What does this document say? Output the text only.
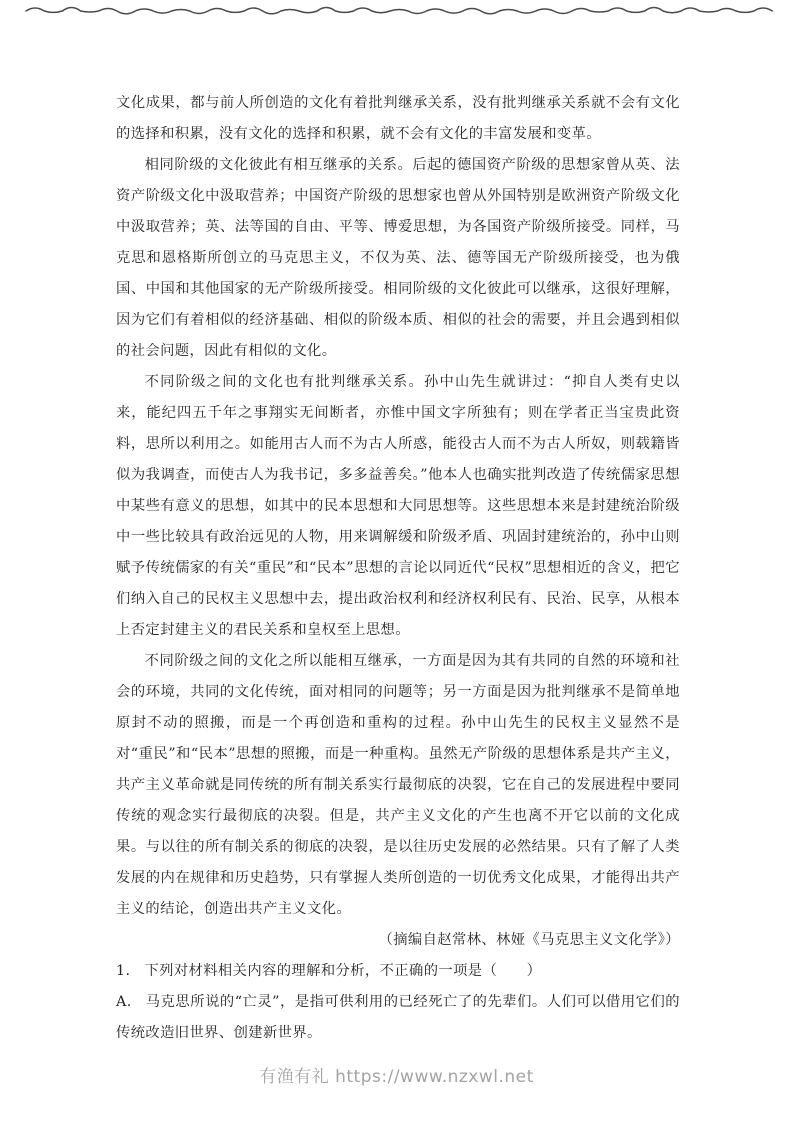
文化成果，都与前人所创造的文化有着批判继承关系，没有批判继承关系就不会有文化的选择和积累，没有文化的选择和积累，就不会有文化的丰富发展和变革。

相同阶级的文化彼此有相互继承的关系。后起的德国资产阶级的思想家曾从英、法资产阶级文化中汲取营养；中国资产阶级的思想家也曾从外国特别是欧洲资产阶级文化中汲取营养；英、法等国的自由、平等、博爱思想，为各国资产阶级所接受。同样，马克思和恩格斯所创立的马克思主义，不仅为英、法、德等国无产阶级所接受，也为俄国、中国和其他国家的无产阶级所接受。相同阶级的文化彼此可以继承，这很好理解，因为它们有着相似的经济基础、相似的阶级本质、相似的社会的需要，并且会遇到相似的社会问题，因此有相似的文化。

不同阶级之间的文化也有批判继承关系。孙中山先生就讲过：“抑自人类有史以来，能纪四五千年之事翔实无间断者，亦惟中国文字所独有；则在学者正当宝贵此资料，思所以利用之。如能用古人而不为古人所惑，能役古人而不为古人所奴，则载籍皆似为我调查，而使古人为我书记，多多益善矣。”他本人也确实批判改造了传统儒家思想中某些有意义的思想，如其中的民本思想和大同思想等。这些思想本来是封建统治阶级中一些比较具有政治远见的人物，用来调解缓和阶级矛盾、巩固封建统治的，孙中山则赋予传统儒家的有关“重民”和“民本”思想的言论以同近代“民权”思想相近的含义，把它们纳入自己的民权主义思想中去，提出政治权利和经济权利民有、民治、民享，从根本上否定封建主义的君民关系和皇权至上思想。

不同阶级之间的文化之所以能相互继承，一方面是因为其有共同的自然的环境和社会的环境，共同的文化传统，面对相同的问题等；另一方面是因为批判继承不是简单地原封不动的照搬，而是一个再创造和重构的过程。孙中山先生的民权主义显然不是对“重民”和“民本”思想的照搬，而是一种重构。虽然无产阶级的思想体系是共产主义，共产主义革命就是同传统的所有制关系实行最彻底的决裂，它在自己的发展进程中要同传统的观念实行最彻底的决裂。但是，共产主义文化的产生也离不开它以前的文化成果。与以往的所有制关系的彻底的决裂，是以往历史发展的必然结果。只有了解了人类发展的内在规律和历史趋势，只有掌握人类所创造的一切优秀文化成果，才能得出共产主义的结论，创造出共产主义文化。

（摘编自赵常林、林娅《马克思主义文化学》）

1. 下列对材料相关内容的理解和分析，不正确的一项是（　　）

A. 马克思所说的“亡灵”，是指可供利用的已经死亡了的先辈们。人们可以借用它们的传统改造旧世界、创建新世界。

有渔有礼 https://www.nzxwl.net
